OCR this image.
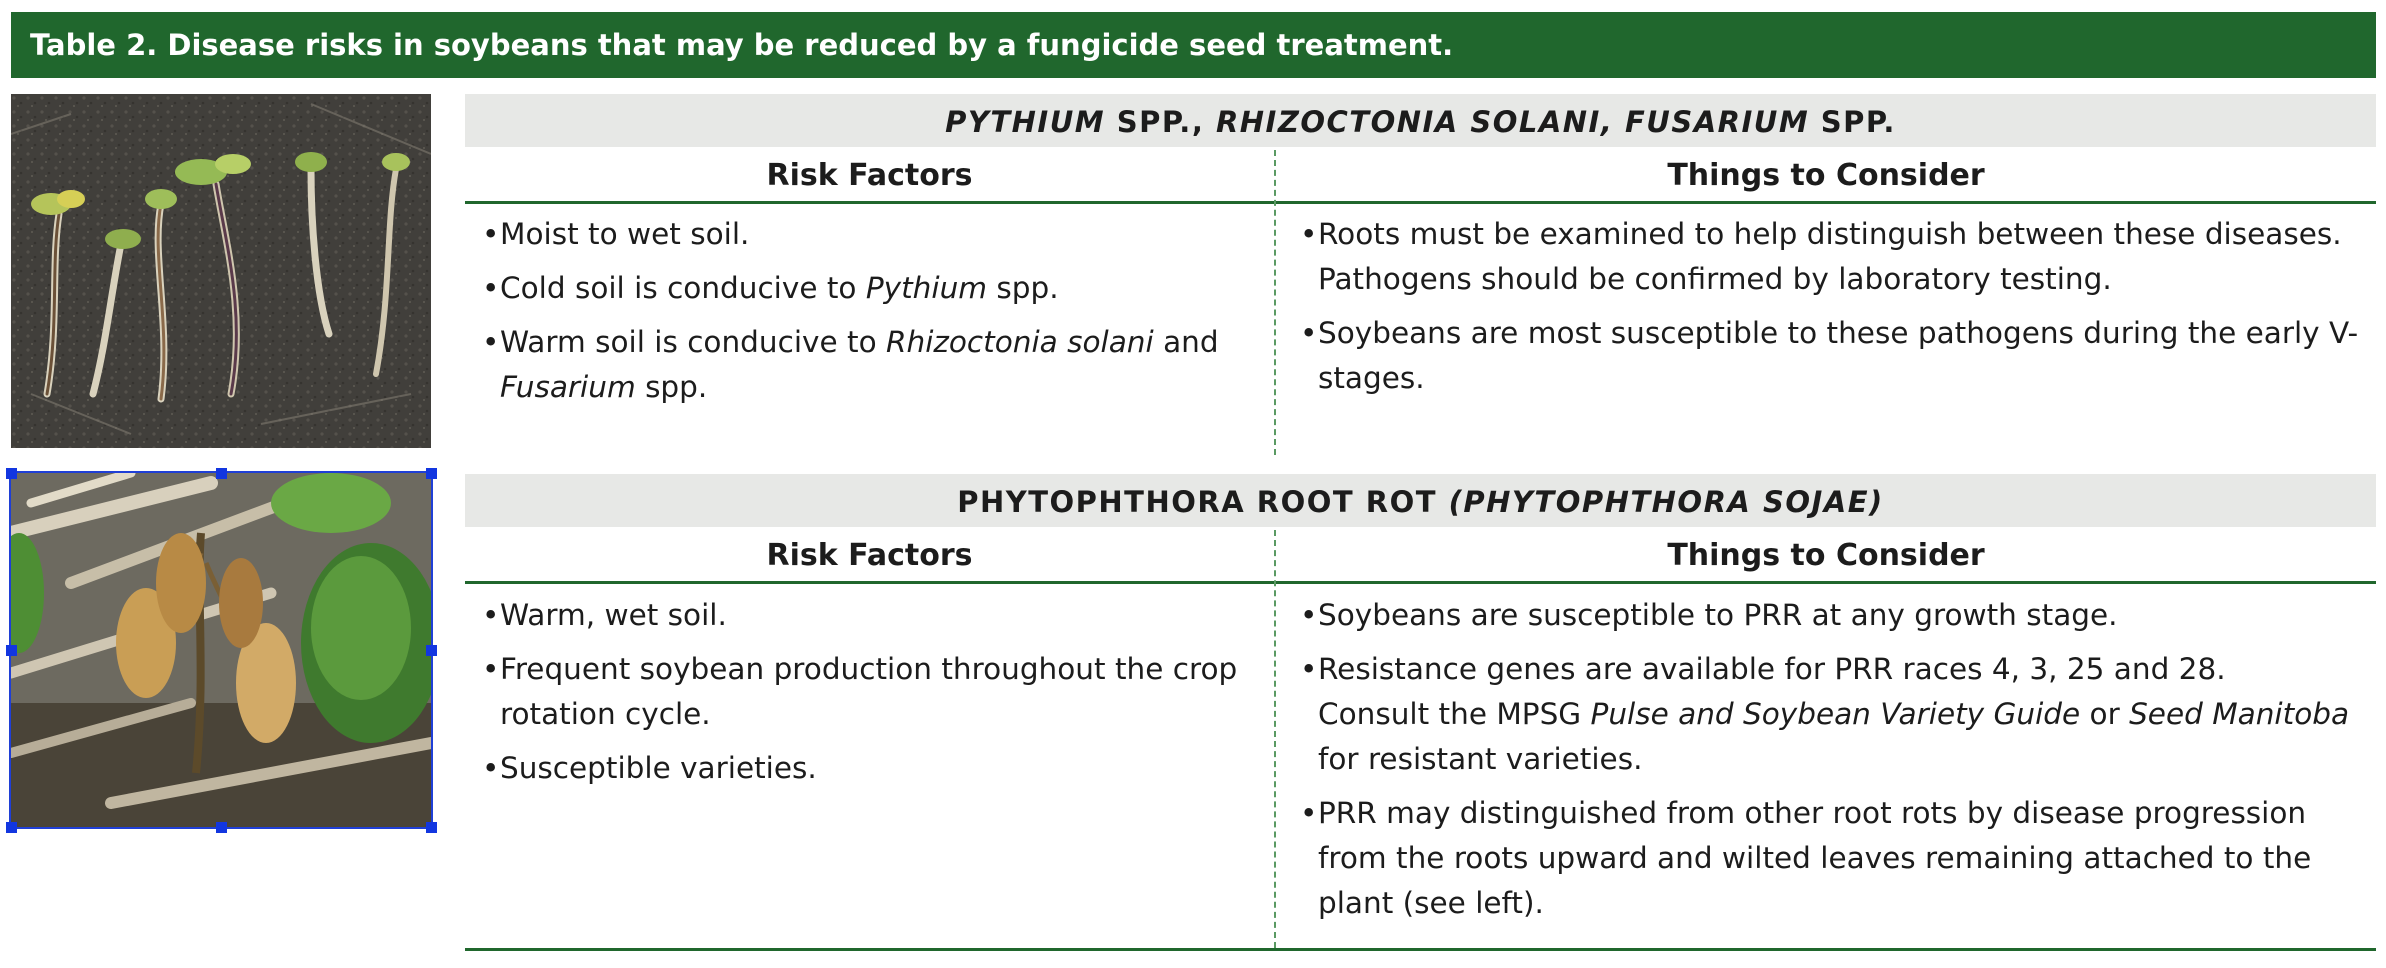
Table 2. Disease risks in soybeans that may be reduced by a fungicide seed treatment.
PYTHIUM SPP., RHIZOCTONIA SOLANI, FUSARIUM SPP.
Risk Factors	Things to Consider
• Moist to wet soil.
• Cold soil is conducive to Pythium spp.
• Warm soil is conducive to Rhizoctonia solani and Fusarium spp.
• Roots must be examined to help distinguish between these diseases. Pathogens should be confirmed by laboratory testing.
• Soybeans are most susceptible to these pathogens during the early V-stages.
PHYTOPHTHORA ROOT ROT (PHYTOPHTHORA SOJAE)
Risk Factors	Things to Consider
• Warm, wet soil.
• Frequent soybean production throughout the crop rotation cycle.
• Susceptible varieties.
• Soybeans are susceptible to PRR at any growth stage.
• Resistance genes are available for PRR races 4, 3, 25 and 28.
Consult the MPSG Pulse and Soybean Variety Guide or Seed Manitoba for resistant varieties.
• PRR may distinguished from other root rots by disease progression from the roots upward and wilted leaves remaining attached to the plant (see left).
